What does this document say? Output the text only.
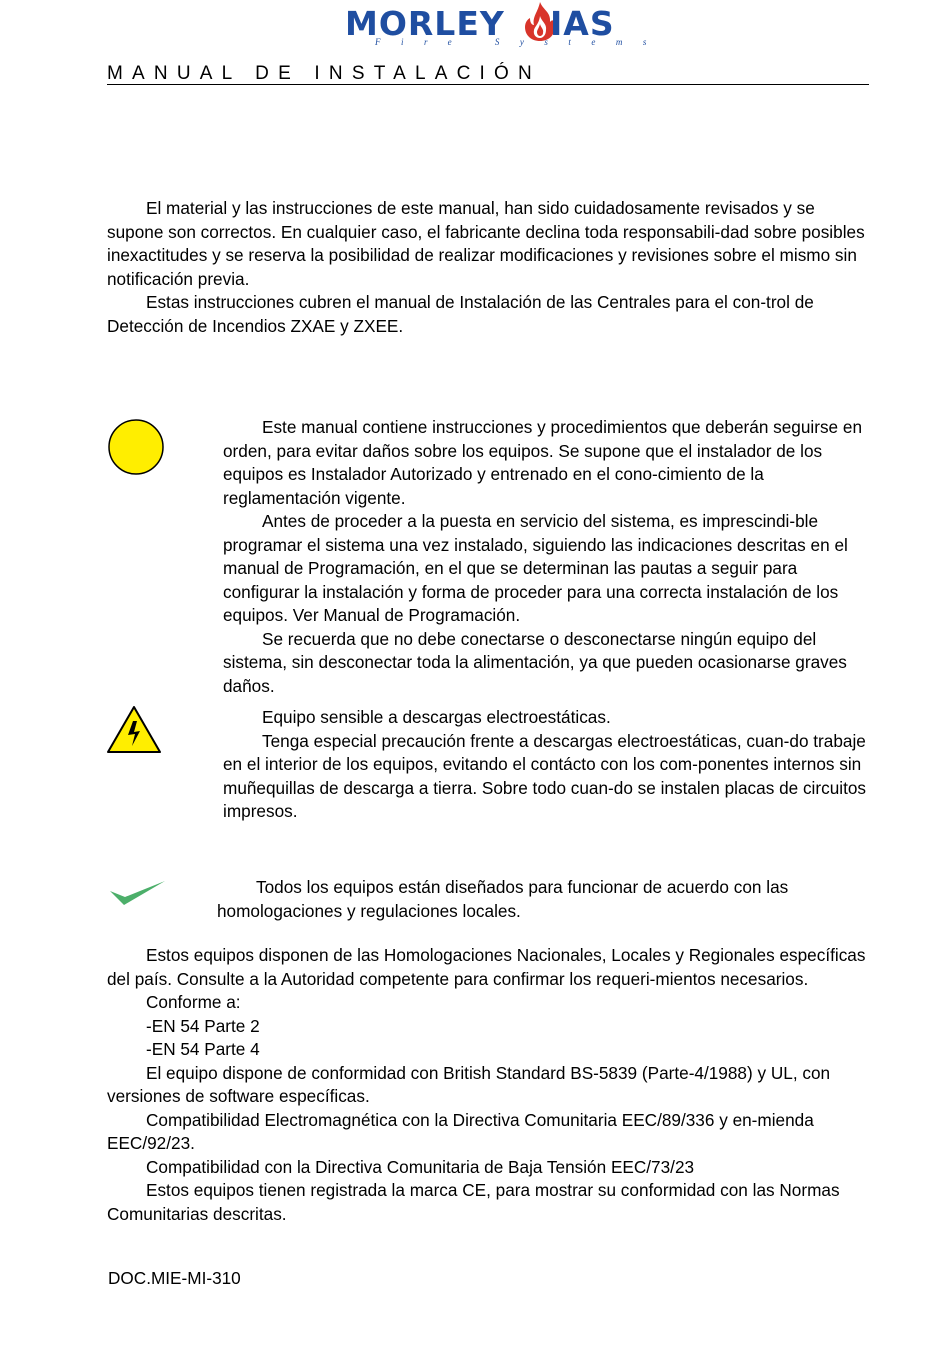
MORLEY IAS
Fire Systems
MANUAL DE INSTALACIÓN

El material y las instrucciones de este manual, han sido cuidadosamente revisados y se supone son correctos. En cualquier caso, el fabricante declina toda responsabili-dad sobre posibles inexactitudes y se reserva la posibilidad de realizar modificaciones y revisiones sobre el mismo sin notificación previa.

Estas instrucciones cubren el manual de Instalación de las Centrales para el con-trol de Detección de Incendios ZXAE y ZXEE.

Este manual contiene instrucciones y procedimientos que deberán seguirse en orden, para evitar daños sobre los equipos. Se supone que el instalador de los equipos es Instalador Autorizado y entrenado en el cono-cimiento de la reglamentación vigente.

Antes de proceder a la puesta en servicio del sistema, es imprescindi-ble programar el sistema una vez instalado, siguiendo las indicaciones descritas en el manual de Programación, en el que se determinan las pautas a seguir para configurar la instalación y forma de proceder para una correcta instalación de los equipos. Ver Manual de Programación.

Se recuerda que no debe conectarse o desconectarse ningún equipo del sistema, sin desconectar toda la alimentación, ya que pueden ocasionarse graves daños.

Equipo sensible a descargas electroestáticas.

Tenga especial precaución frente a descargas electroestáticas, cuan-do trabaje en el interior de los equipos, evitando el contácto con los com-ponentes internos sin muñequillas de descarga a tierra. Sobre todo cuan-do se instalen placas de circuitos impresos.

Todos los equipos están diseñados para funcionar de acuerdo con las homologaciones y regulaciones locales.

Estos equipos disponen de las Homologaciones Nacionales, Locales y Regionales específicas del país. Consulte a la Autoridad competente para confirmar los requeri-mientos necesarios.

Conforme a:

-EN 54 Parte 2

-EN 54 Parte 4

El equipo dispone de conformidad con British Standard BS-5839 (Parte-4/1988) y UL, con versiones de software específicas.

Compatibilidad Electromagnética con la Directiva Comunitaria EEC/89/336 y en-mienda EEC/92/23.

Compatibilidad con la Directiva Comunitaria de Baja Tensión EEC/73/23

Estos equipos tienen registrada la marca CE, para mostrar su conformidad con las Normas Comunitarias descritas.

DOC.MIE-MI-310
